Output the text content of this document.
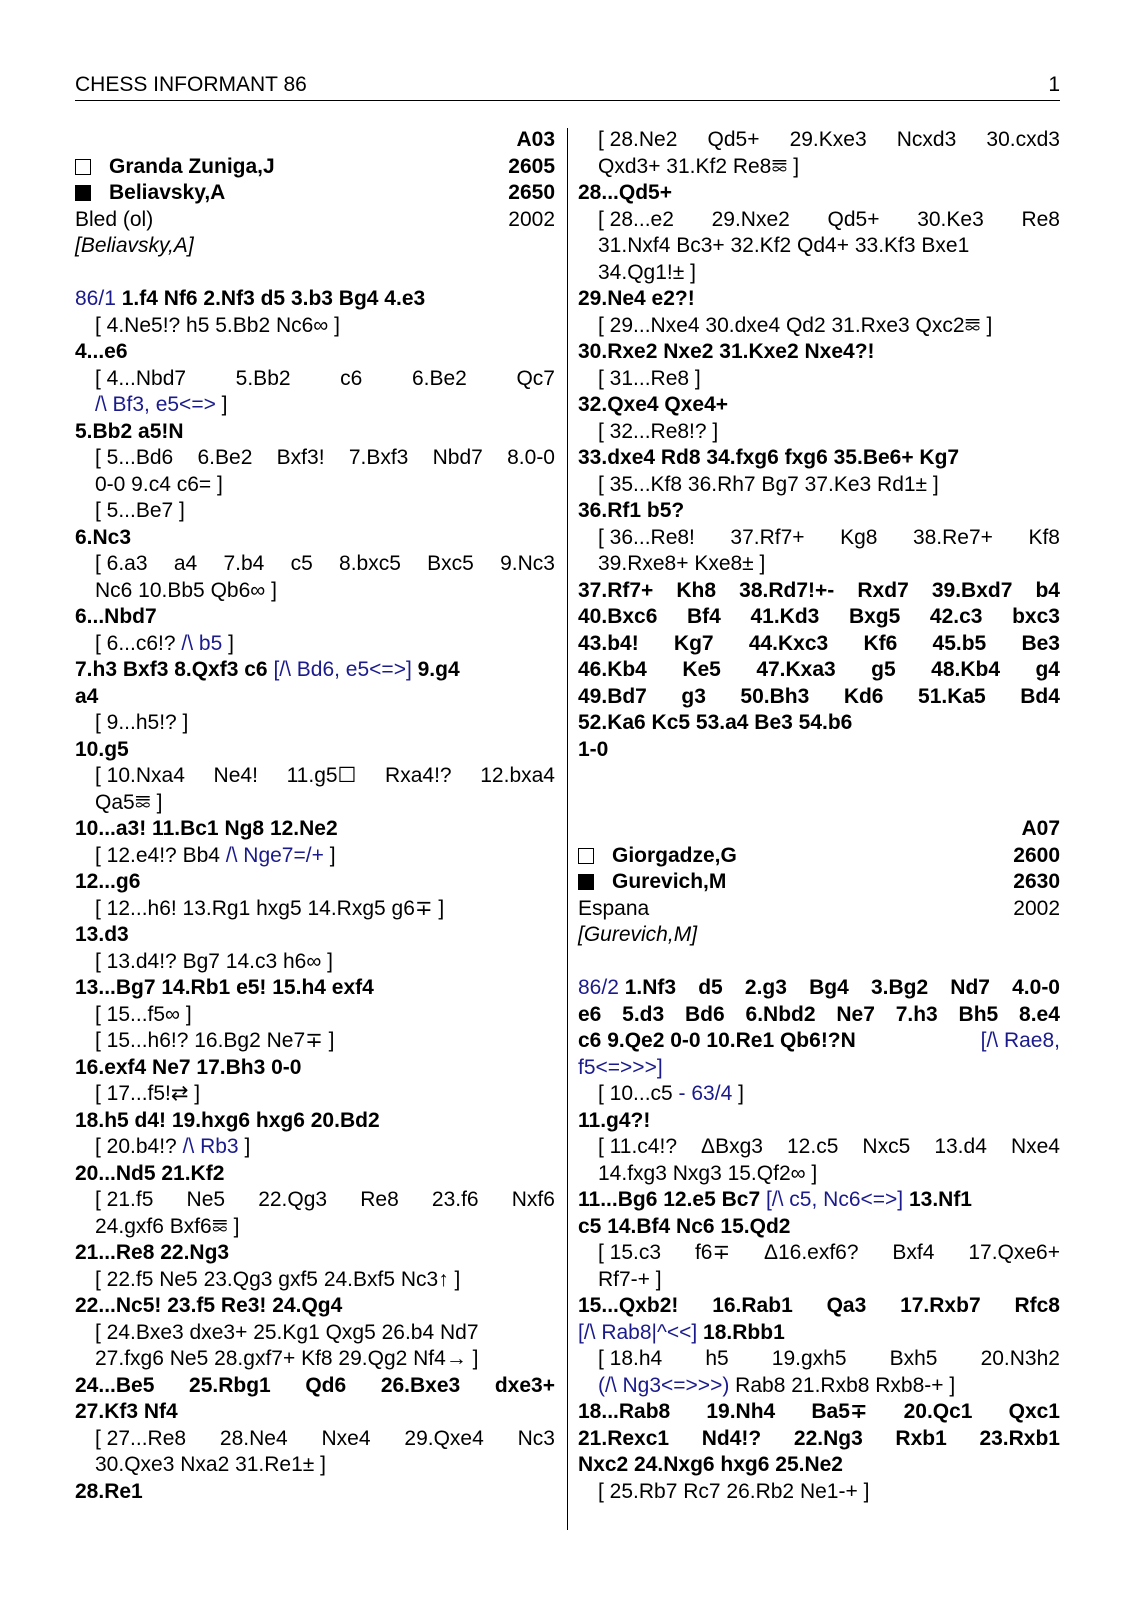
CHESS INFORMANT 86	1
A03
Granda Zuniga,J	2605
Beliavsky,A	2650
Bled (ol)	2002
[Beliavsky,A]
86/1 1.f4 Nf6 2.Nf3 d5 3.b3 Bg4 4.e3
[ 4.Ne5!? h5 5.Bb2 Nc6∞ ]
4...e6
[ 4...Nbd7 5.Bb2 c6 6.Be2 Qc7
/\ Bf3, e5<=> ]
5.Bb2 a5!N
[ 5...Bd6 6.Be2 Bxf3! 7.Bxf3 Nbd7 8.0-0
0-0 9.c4 c6= ]
[ 5...Be7 ]
6.Nc3
[ 6.a3 a4 7.b4 c5 8.bxc5 Bxc5 9.Nc3
Nc6 10.Bb5 Qb6∞ ]
6...Nbd7
[ 6...c6!? /\ b5 ]
7.h3 Bxf3 8.Qxf3 c6 [/\ Bd6, e5<=>] 9.g4
a4
[ 9...h5!? ]
10.g5
[ 10.Nxa4 Ne4! 11.g5☐ Rxa4!? 12.bxa4
Qa5⯹ ]
10...a3! 11.Bc1 Ng8 12.Ne2
[ 12.e4!? Bb4 /\ Nge7=/+ ]
12...g6
[ 12...h6! 13.Rg1 hxg5 14.Rxg5 g6∓ ]
13.d3
[ 13.d4!? Bg7 14.c3 h6∞ ]
13...Bg7 14.Rb1 e5! 15.h4 exf4
[ 15...f5∞ ]
[ 15...h6!? 16.Bg2 Ne7∓ ]
16.exf4 Ne7 17.Bh3 0-0
[ 17...f5!⇄ ]
18.h5 d4! 19.hxg6 hxg6 20.Bd2
[ 20.b4!? /\ Rb3 ]
20...Nd5 21.Kf2
[ 21.f5 Ne5 22.Qg3 Re8 23.f6 Nxf6
24.gxf6 Bxf6⯹ ]
21...Re8 22.Ng3
[ 22.f5 Ne5 23.Qg3 gxf5 24.Bxf5 Nc3↑ ]
22...Nc5! 23.f5 Re3! 24.Qg4
[ 24.Bxe3 dxe3+ 25.Kg1 Qxg5 26.b4 Nd7
27.fxg6 Ne5 28.gxf7+ Kf8 29.Qg2 Nf4→ ]
24...Be5 25.Rbg1 Qd6 26.Bxe3 dxe3+
27.Kf3 Nf4
[ 27...Re8 28.Ne4 Nxe4 29.Qxe4 Nc3
30.Qxe3 Nxa2 31.Re1± ]
28.Re1
[ 28.Ne2 Qd5+ 29.Kxe3 Ncxd3 30.cxd3
Qxd3+ 31.Kf2 Re8⯹ ]
28...Qd5+
[ 28...e2 29.Nxe2 Qd5+ 30.Ke3 Re8
31.Nxf4 Bc3+ 32.Kf2 Qd4+ 33.Kf3 Bxe1
34.Qg1!± ]
29.Ne4 e2?!
[ 29...Nxe4 30.dxe4 Qd2 31.Rxe3 Qxc2⯹ ]
30.Rxe2 Nxe2 31.Kxe2 Nxe4?!
[ 31...Re8 ]
32.Qxe4 Qxe4+
[ 32...Re8!? ]
33.dxe4 Rd8 34.fxg6 fxg6 35.Be6+ Kg7
[ 35...Kf8 36.Rh7 Bg7 37.Ke3 Rd1± ]
36.Rf1 b5?
[ 36...Re8! 37.Rf7+ Kg8 38.Re7+ Kf8
39.Rxe8+ Kxe8± ]
37.Rf7+ Kh8 38.Rd7!+- Rxd7 39.Bxd7 b4
40.Bxc6 Bf4 41.Kd3 Bxg5 42.c3 bxc3
43.b4! Kg7 44.Kxc3 Kf6 45.b5 Be3
46.Kb4 Ke5 47.Kxa3 g5 48.Kb4 g4
49.Bd7 g3 50.Bh3 Kd6 51.Ka5 Bd4
52.Ka6 Kc5 53.a4 Be3 54.b6
1-0
A07
Giorgadze,G	2600
Gurevich,M	2630
Espana	2002
[Gurevich,M]
86/2 1.Nf3 d5 2.g3 Bg4 3.Bg2 Nd7 4.0-0
e6 5.d3 Bd6 6.Nbd2 Ne7 7.h3 Bh5 8.e4
c6 9.Qe2 0-0 10.Re1 Qb6!?N	[/\ Rae8,
f5<=>>>]
[ 10...c5 - 63/4 ]
11.g4?!
[ 11.c4!? ΔBxg3 12.c5 Nxc5 13.d4 Nxe4
14.fxg3 Nxg3 15.Qf2∞ ]
11...Bg6 12.e5 Bc7 [/\ c5, Nc6<=>] 13.Nf1
c5 14.Bf4 Nc6 15.Qd2
[ 15.c3 f6∓ Δ16.exf6? Bxf4 17.Qxe6+
Rf7-+ ]
15...Qxb2! 16.Rab1 Qa3 17.Rxb7 Rfc8
[/\ Rab8|^<<] 18.Rbb1
[ 18.h4 h5 19.gxh5 Bxh5 20.N3h2
(/\ Ng3<=>>>) Rab8 21.Rxb8 Rxb8-+ ]
18...Rab8 19.Nh4 Ba5∓ 20.Qc1 Qxc1
21.Rexc1 Nd4!? 22.Ng3 Rxb1 23.Rxb1
Nxc2 24.Nxg6 hxg6 25.Ne2
[ 25.Rb7 Rc7 26.Rb2 Ne1-+ ]
